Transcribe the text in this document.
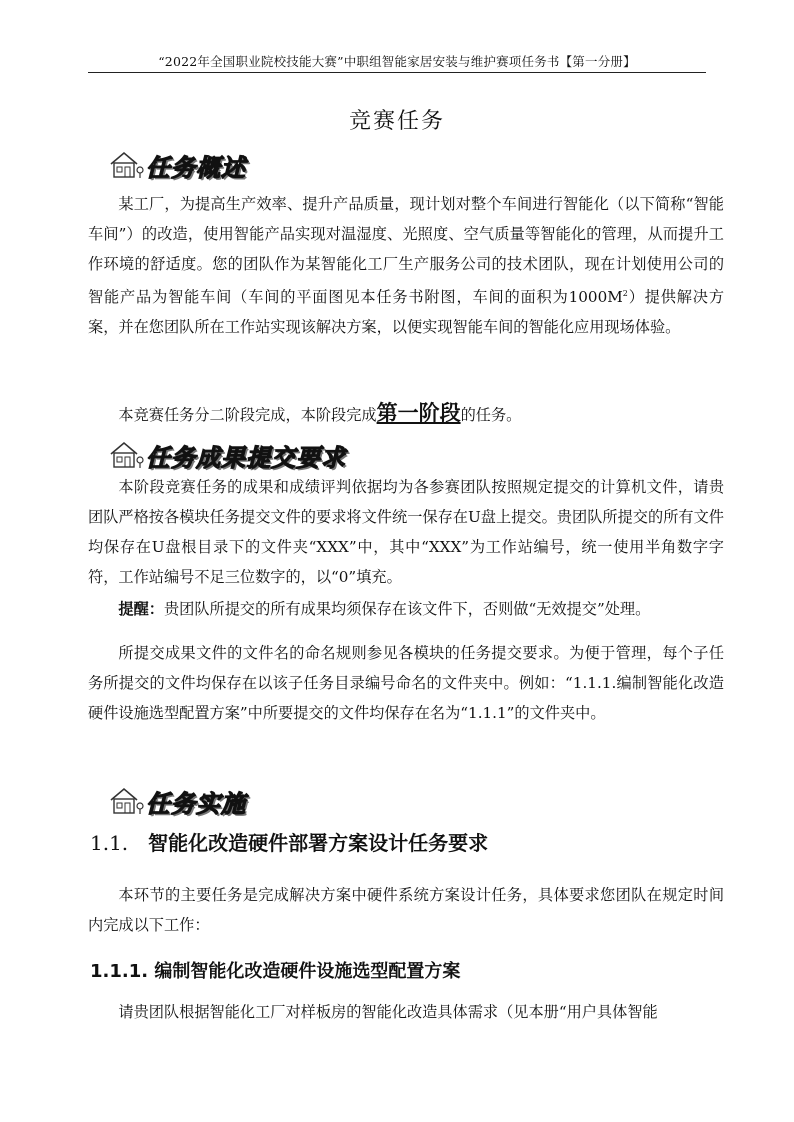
“2022年全国职业院校技能大赛”中职组智能家居安装与维护赛项任务书【第一分册】
竞赛任务
任务概述

某工厂，为提高生产效率、提升产品质量，现计划对整个车间进行智能化（以下简称“智能车间”）的改造，使用智能产品实现对温湿度、光照度、空气质量等智能化的管理，从而提升工作环境的舒适度。您的团队作为某智能化工厂生产服务公司的技术团队，现在计划使用公司的智能产品为智能车间（车间的平面图见本任务书附图，车间的面积为$1000M^2$）提供解决方案，并在您团队所在工作站实现该解决方案，以便实现智能车间的智能化应用现场体验。

本竞赛任务分二阶段完成，本阶段完成第一阶段的任务。

任务成果提交要求

本阶段竞赛任务的成果和成绩评判依据均为各参赛团队按照规定提交的计算机文件，请贵团队严格按各模块任务提交文件的要求将文件统一保存在U盘上提交。贵团队所提交的所有文件均保存在U盘根目录下的文件夹“XXX”中，其中“XXX”为工作站编号，统一使用半角数字字符，工作站编号不足三位数字的，以“0”填充。

提醒：贵团队所提交的所有成果均须保存在该文件下，否则做“无效提交”处理。

所提交成果文件的文件名的命名规则参见各模块的任务提交要求。为便于管理，每个子任务所提交的文件均保存在以该子任务目录编号命名的文件夹中。例如：“1.1.1.编制智能化改造硬件设施选型配置方案”中所要提交的文件均保存在名为“1.1.1”的文件夹中。

任务实施
1.1. 智能化改造硬件部署方案设计任务要求

本环节的主要任务是完成解决方案中硬件系统方案设计任务，具体要求您团队在规定时间内完成以下工作：

1.1.1. 编制智能化改造硬件设施选型配置方案

请贵团队根据智能化工厂对样板房的智能化改造具体需求（见本册“用户具体智能
